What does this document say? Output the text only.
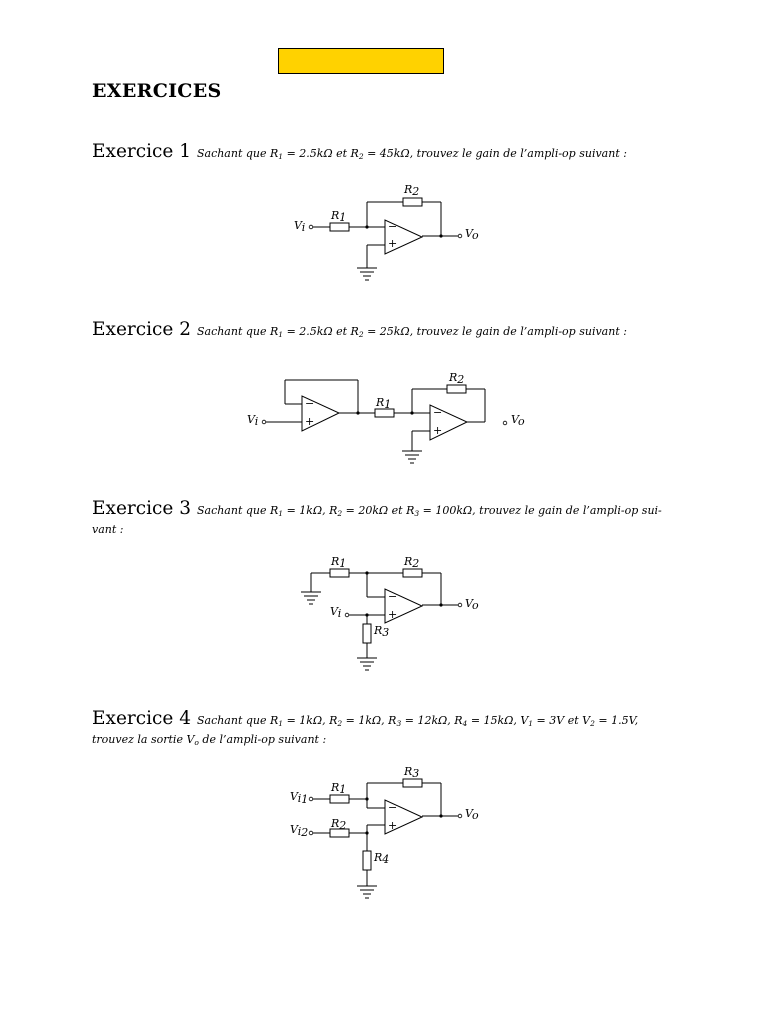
EXERCICES
Exercice 1 Sachant que $R_1 = 2.5k\Omega$ et $R_2 = 45k\Omega$, trouvez le gain de l’ampli-op suivant :
−
+
Vi
R1
R2
Vo
Exercice 2 Sachant que $R_1 = 2.5k\Omega$ et $R_2 = 25k\Omega$, trouvez le gain de l’ampli-op suivant :
−
+
−
+
Vi
R1
R2
Vo
Exercice 3 Sachant que $R_1 = 1k\Omega$, $R_2 = 20k\Omega$ et $R_3 = 100k\Omega$, trouvez le gain de l’ampli-op sui-
vant :
−
+
R1	R2
Vi
R3
Vo
Exercice 4 Sachant que $R_1 = 1k\Omega$, $R_2 = 1k\Omega$, $R_3 = 12k\Omega$, $R_4 = 15k\Omega$, $V_1 = 3V$ et $V_2 = 1.5V$,
trouvez la sortie $V_o$ de l’ampli-op suivant :
−
+
Vi1
R1
R3
Vo
Vi2
R2
R4
